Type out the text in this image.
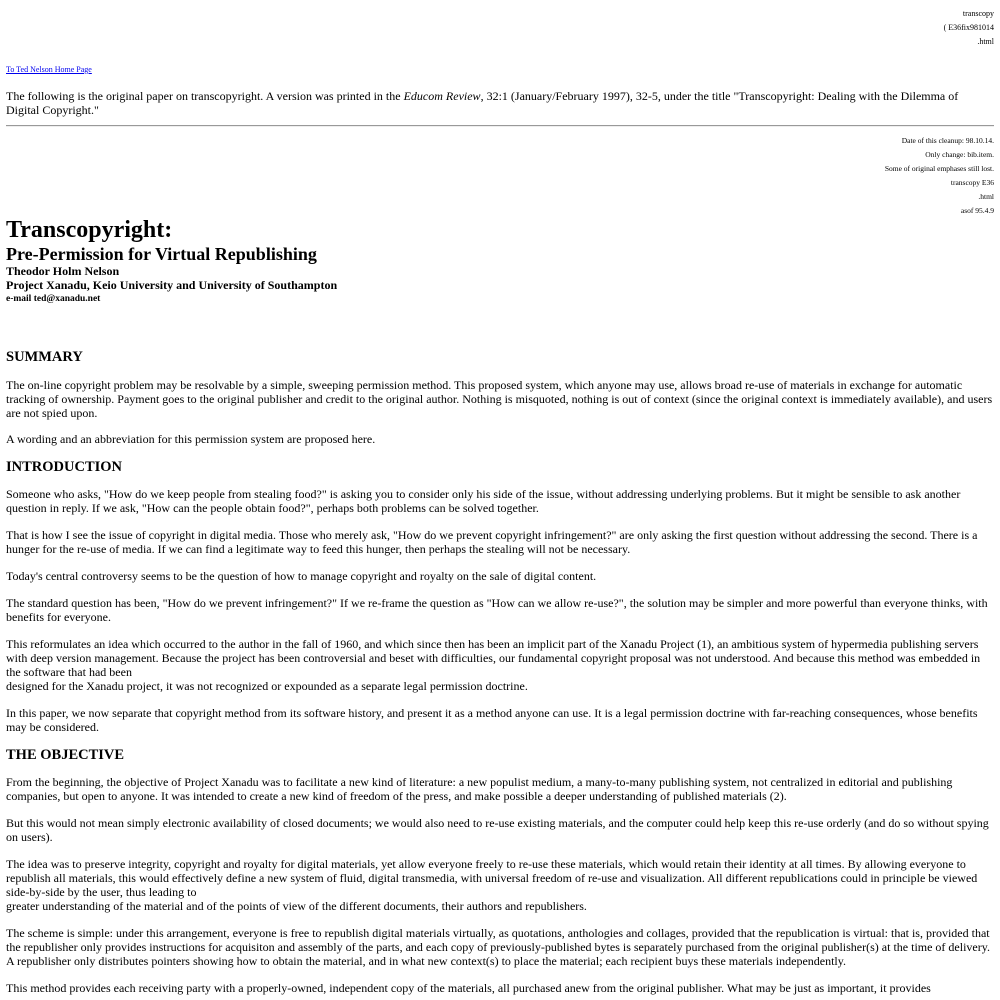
transcopy
( E36fix981014
.html
To Ted Nelson Home Page

The following is the original paper on transcopyright. A version was printed in the Educom Review, 32:1 (January/February 1997), 32-5, under the title "Transcopyright: Dealing with the Dilemma of Digital Copyright."

Date of this cleanup: 98.10.14.
Only change: bib.item.
Some of original emphases still lost.
transcopy E36
.html
asof 95.4.9
Transcopyright:
Pre-Permission for Virtual Republishing
Theodor Holm Nelson
Project Xanadu, Keio University and University of Southampton
e-mail ted@xanadu.net
SUMMARY

The on-line copyright problem may be resolvable by a simple, sweeping permission method. This proposed system, which anyone may use, allows broad re-use of materials in exchange for automatic tracking of ownership. Payment goes to the original publisher and credit to the original author. Nothing is misquoted, nothing is out of context (since the original context is immediately available), and users are not spied upon.

A wording and an abbreviation for this permission system are proposed here.

INTRODUCTION

Someone who asks, "How do we keep people from stealing food?" is asking you to consider only his side of the issue, without addressing underlying problems. But it might be sensible to ask another question in reply. If we ask, "How can the people obtain food?", perhaps both problems can be solved together.

That is how I see the issue of copyright in digital media. Those who merely ask, "How do we prevent copyright infringement?" are only asking the first question without addressing the second. There is a hunger for the re-use of media. If we can find a legitimate way to feed this hunger, then perhaps the stealing will not be necessary.

Today's central controversy seems to be the question of how to manage copyright and royalty on the sale of digital content.

The standard question has been, "How do we prevent infringement?" If we re-frame the question as "How can we allow re-use?", the solution may be simpler and more powerful than everyone thinks, with benefits for everyone.

This reformulates an idea which occurred to the author in the fall of 1960, and which since then has been an implicit part of the Xanadu Project (1), an ambitious system of hypermedia publishing servers with deep version management. Because the project has been controversial and beset with difficulties, our fundamental copyright proposal was not understood. And because this method was embedded in the software that had been
designed for the Xanadu project, it was not recognized or expounded as a separate legal permission doctrine.

In this paper, we now separate that copyright method from its software history, and present it as a method anyone can use. It is a legal permission doctrine with far-reaching consequences, whose benefits may be considered.

THE OBJECTIVE

From the beginning, the objective of Project Xanadu was to facilitate a new kind of literature: a new populist medium, a many-to-many publishing system, not centralized in editorial and publishing companies, but open to anyone. It was intended to create a new kind of freedom of the press, and make possible a deeper understanding of published materials (2).

But this would not mean simply electronic availability of closed documents; we would also need to re-use existing materials, and the computer could help keep this re-use orderly (and do so without spying on users).

The idea was to preserve integrity, copyright and royalty for digital materials, yet allow everyone freely to re-use these materials, which would retain their identity at all times. By allowing everyone to republish all materials, this would effectively define a new system of fluid, digital transmedia, with universal freedom of re-use and visualization. All different republications could in principle be viewed side-by-side by the user, thus leading to
greater understanding of the material and of the points of view of the different documents, their authors and republishers.

The scheme is simple: under this arrangement, everyone is free to republish digital materials virtually, as quotations, anthologies and collages, provided that the republication is virtual: that is, provided that the republisher only provides instructions for acquisiton and assembly of the parts, and each copy of previously-published bytes is separately purchased from the original publisher(s) at the time of delivery. A republisher only distributes pointers showing how to obtain the material, and in what new context(s) to place the material; each recipient buys these materials independently.

This method provides each receiving party with a properly-owned, independent copy of the materials, all purchased anew from the original publisher. What may be just as important, it provides
